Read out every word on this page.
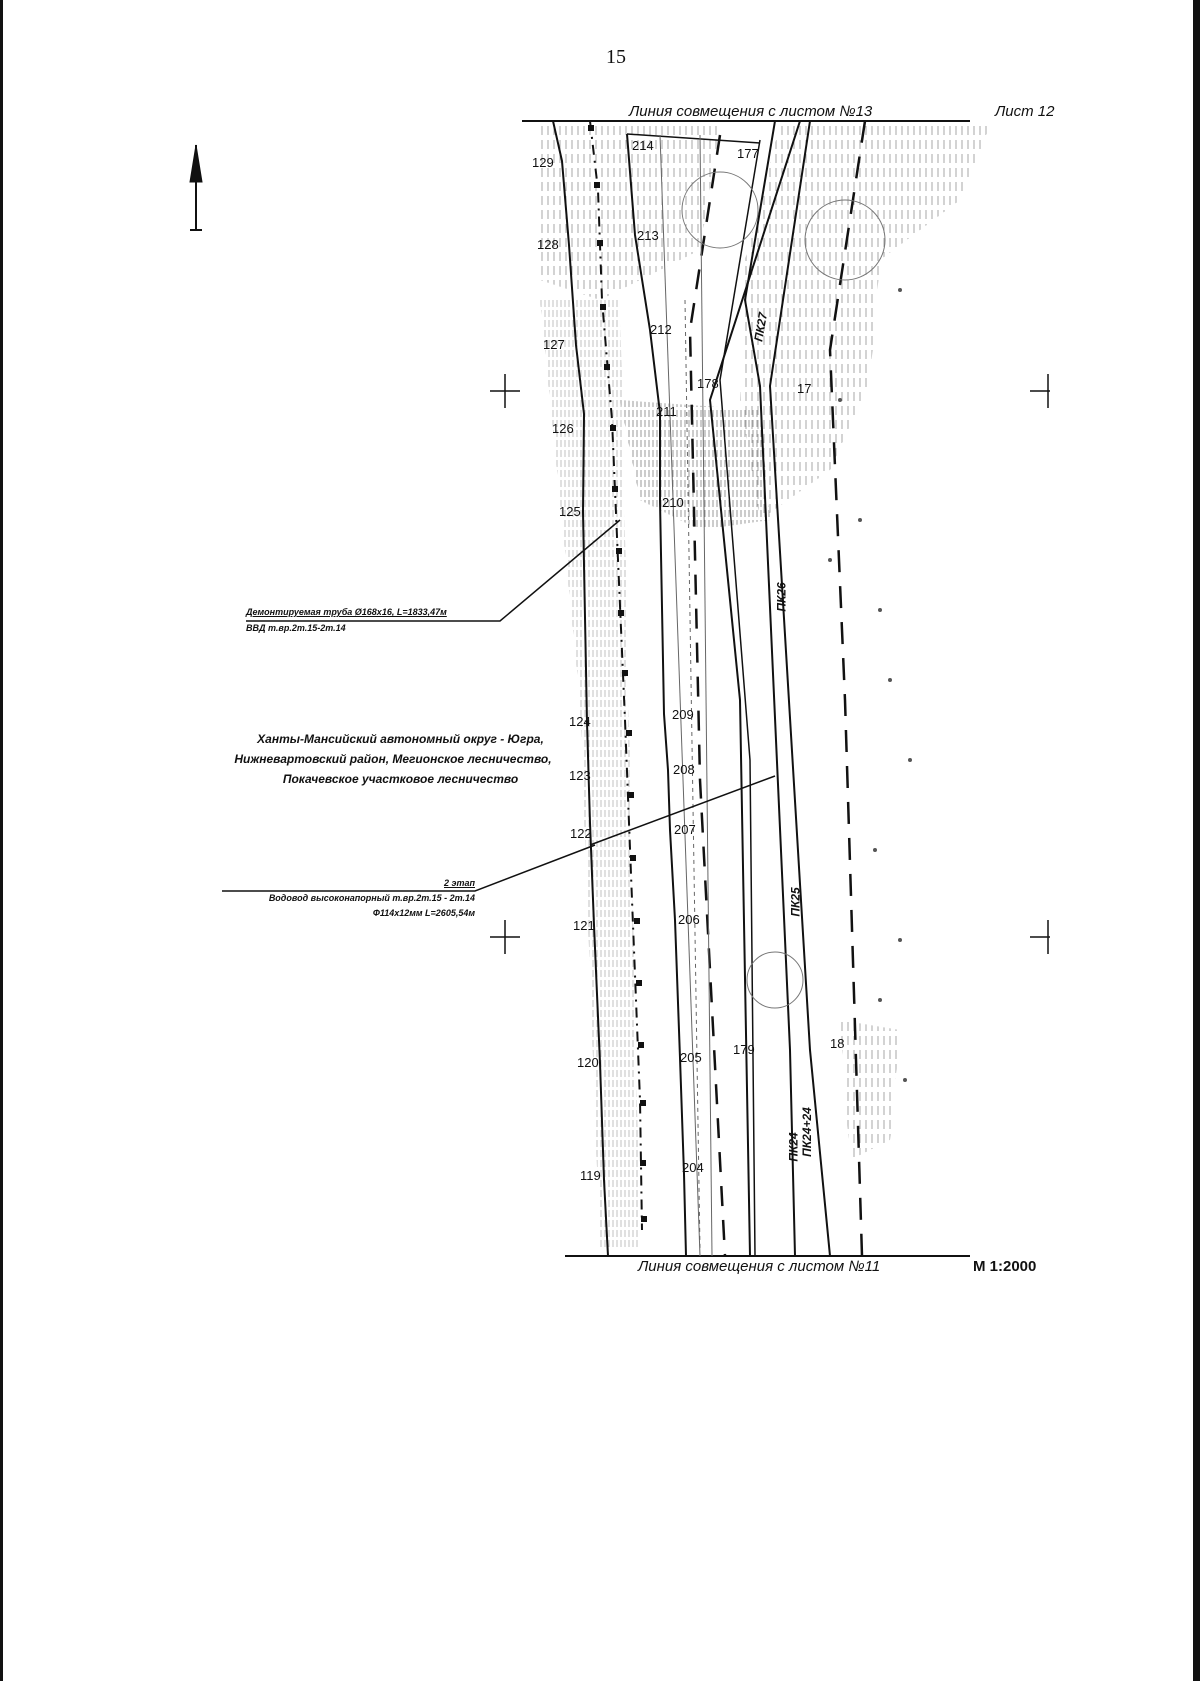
15
Линия совмещения с листом №13	Лист 12
Линия совмещения с листом №11	М 1:2000
Демонтируемая труба Ø168х16, L=1833,47м
ВВД т.вр.2т.15-2т.14
Ханты-Мансийский автономный округ - Югра,
Нижневартовский район, Мегионское лесничество,
Покачевское участковое лесничество
2 этап
Водовод высоконапорный т.вр.2т.15 - 2т.14
Ф114х12мм L=2605,54м
129
128
127
126
125
124
123
122
121
120
119
214
213
212
211
210
209
208
207
206
205
204
177
178
179
17
18
ПК27
ПК26
ПК25
ПК24 ПК24+24
